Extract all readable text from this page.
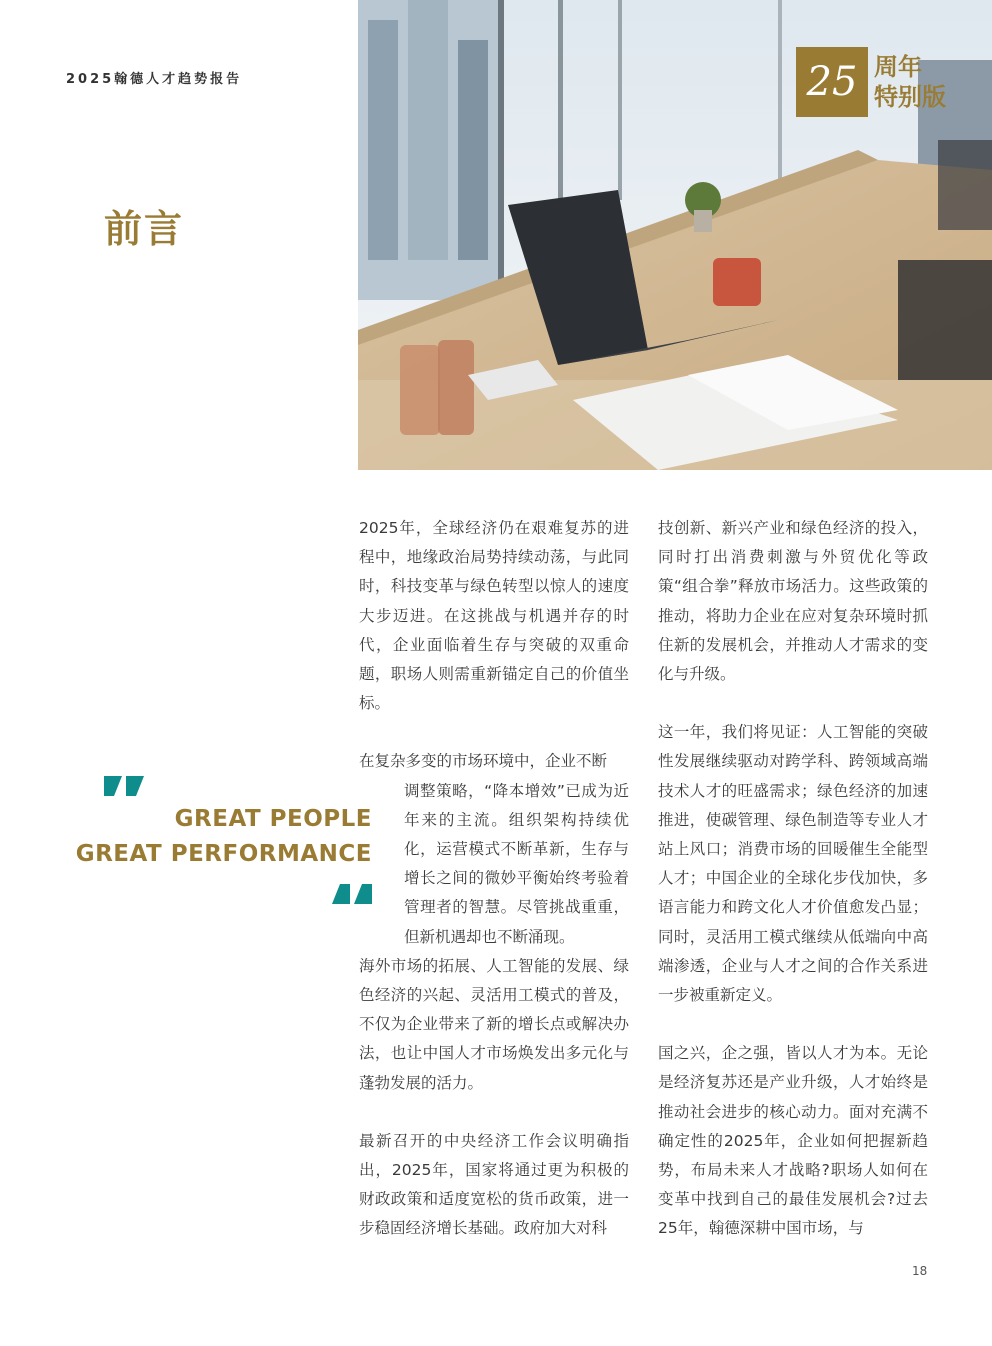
2025翰德人才趋势报告
前言
25 周年
特别版

2025年，全球经济仍在艰难复苏的进程中，地缘政治局势持续动荡，与此同时，科技变革与绿色转型以惊人的速度大步迈进。在这挑战与机遇并存的时代，企业面临着生存与突破的双重命题，职场人则需重新锚定自己的价值坐标。

在复杂多变的市场环境中，企业不断

调整策略，“降本增效”已成为近年来的主流。组织架构持续优化，运营模式不断革新，生存与增长之间的微妙平衡始终考验着管理者的智慧。尽管挑战重重，但新机遇却也不断涌现。

海外市场的拓展、人工智能的发展、绿色经济的兴起、灵活用工模式的普及，不仅为企业带来了新的增长点或解决办法，也让中国人才市场焕发出多元化与蓬勃发展的活力。

最新召开的中央经济工作会议明确指出，2025年，国家将通过更为积极的财政政策和适度宽松的货币政策，进一步稳固经济增长基础。政府加大对科

技创新、新兴产业和绿色经济的投入，同时打出消费刺激与外贸优化等政策“组合拳”释放市场活力。这些政策的推动，将助力企业在应对复杂环境时抓住新的发展机会，并推动人才需求的变化与升级。

这一年，我们将见证：人工智能的突破性发展继续驱动对跨学科、跨领域高端技术人才的旺盛需求；绿色经济的加速推进，使碳管理、绿色制造等专业人才站上风口；消费市场的回暖催生全能型人才；中国企业的全球化步伐加快，多语言能力和跨文化人才价值愈发凸显；同时，灵活用工模式继续从低端向中高端渗透，企业与人才之间的合作关系进一步被重新定义。

国之兴，企之强，皆以人才为本。无论是经济复苏还是产业升级，人才始终是推动社会进步的核心动力。面对充满不确定性的2025年，企业如何把握新趋势，布局未来人才战略?职场人如何在变革中找到自己的最佳发展机会?过去25年，翰德深耕中国市场，与

GREAT PEOPLE
GREAT PERFORMANCE
18
